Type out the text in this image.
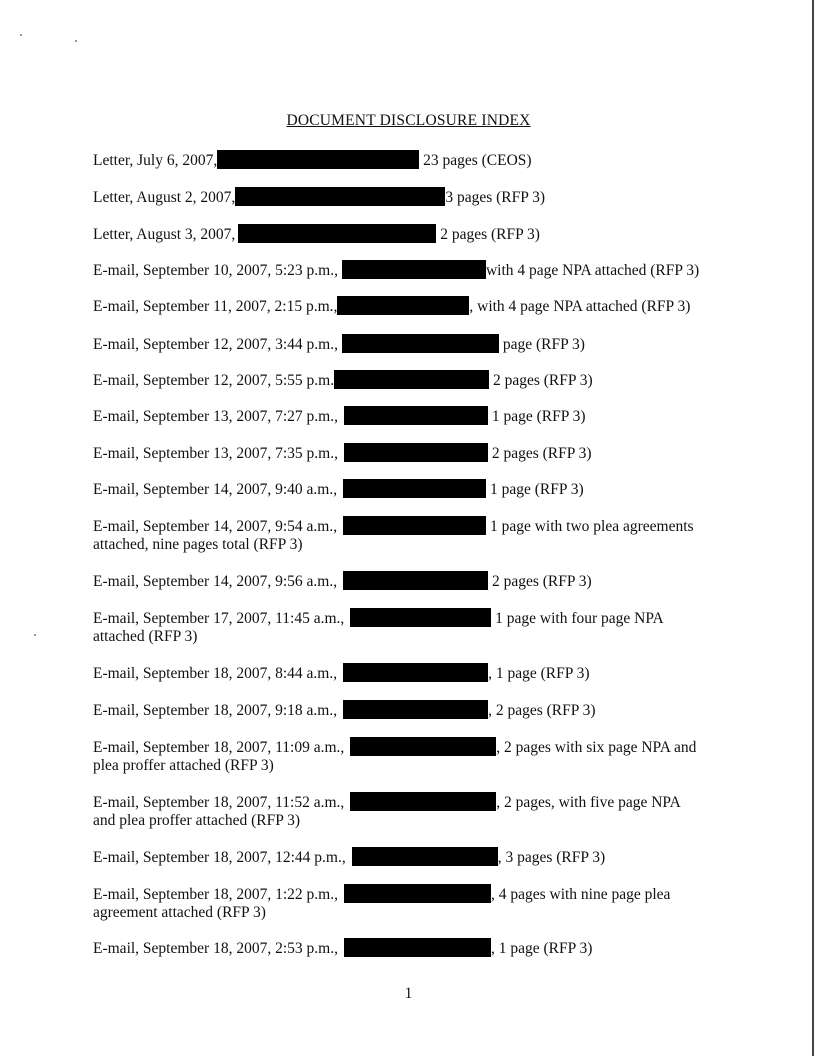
DOCUMENT DISCLOSURE INDEX
Letter, July 6, 2007,	23 pages (CEOS)
Letter, August 2, 2007,	3 pages (RFP 3)
Letter, August 3, 2007,	2 pages (RFP 3)
E-mail, September 10, 2007, 5:23 p.m.,	with 4 page NPA attached (RFP 3)
E-mail, September 11, 2007, 2:15 p.m.,	, with 4 page NPA attached (RFP 3)
E-mail, September 12, 2007, 3:44 p.m.,	page (RFP 3)
E-mail, September 12, 2007, 5:55 p.m.	2 pages (RFP 3)
E-mail, September 13, 2007, 7:27 p.m.,	1 page (RFP 3)
E-mail, September 13, 2007, 7:35 p.m.,	2 pages (RFP 3)
E-mail, September 14, 2007, 9:40 a.m.,	1 page (RFP 3)
E-mail, September 14, 2007, 9:54 a.m.,	1 page with two plea agreements
attached, nine pages total (RFP 3)
E-mail, September 14, 2007, 9:56 a.m.,	2 pages (RFP 3)
E-mail, September 17, 2007, 11:45 a.m.,	1 page with four page NPA
attached (RFP 3)
E-mail, September 18, 2007, 8:44 a.m.,	, 1 page (RFP 3)
E-mail, September 18, 2007, 9:18 a.m.,	, 2 pages (RFP 3)
E-mail, September 18, 2007, 11:09 a.m.,	, 2 pages with six page NPA and
plea proffer attached (RFP 3)
E-mail, September 18, 2007, 11:52 a.m.,	, 2 pages, with five page NPA
and plea proffer attached (RFP 3)
E-mail, September 18, 2007, 12:44 p.m.,	, 3 pages (RFP 3)
E-mail, September 18, 2007, 1:22 p.m.,	, 4 pages with nine page plea
agreement attached (RFP 3)
E-mail, September 18, 2007, 2:53 p.m.,	, 1 page (RFP 3)
1
